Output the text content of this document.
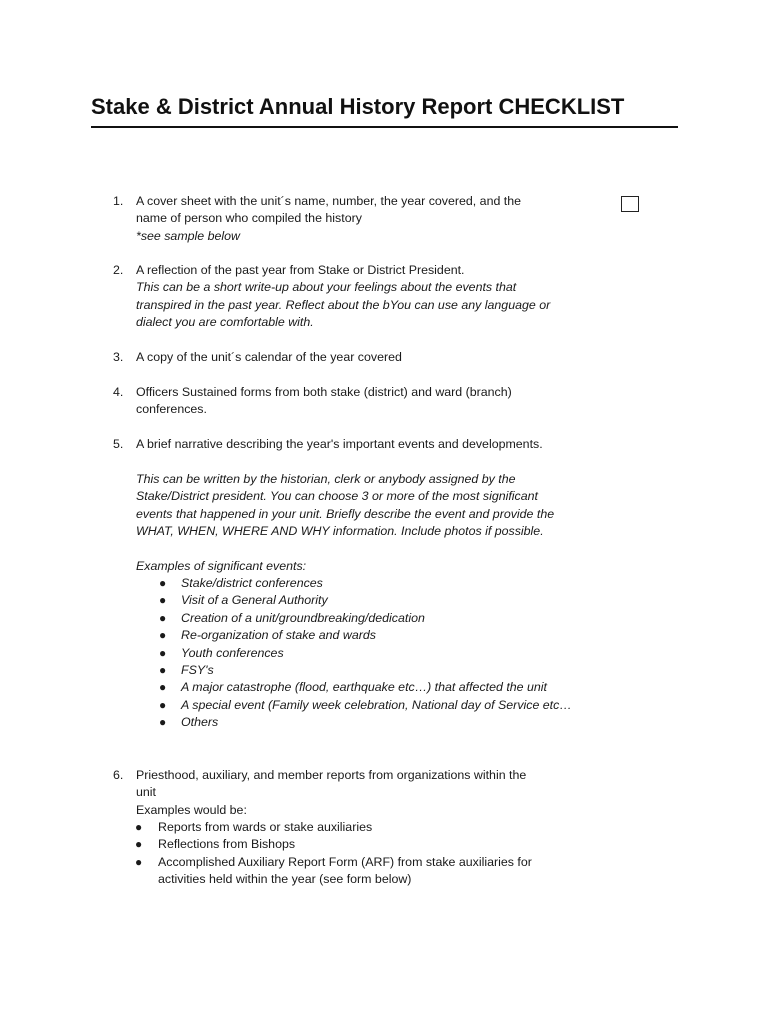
Stake & District Annual History Report CHECKLIST
1. A cover sheet with the unit´s name, number, the year covered, and the
name of person who compiled the history
*see sample below
2. A reflection of the past year from Stake or District President.
This can be a short write-up about your feelings about the events that
transpired in the past year. Reflect about the bYou can use any language or
dialect you are comfortable with.
3. A copy of the unit´s calendar of the year covered
4. Officers Sustained forms from both stake (district) and ward (branch)
conferences.
5. A brief narrative describing the year's important events and developments.
This can be written by the historian, clerk or anybody assigned by the
Stake/District president. You can choose 3 or more of the most significant
events that happened in your unit. Briefly describe the event and provide the
WHAT, WHEN, WHERE AND WHY information. Include photos if possible.
Examples of significant events:
● Stake/district conferences
● Visit of a General Authority
● Creation of a unit/groundbreaking/dedication
● Re-organization of stake and wards
● Youth conferences
● FSY's
● A major catastrophe (flood, earthquake etc…) that affected the unit
● A special event (Family week celebration, National day of Service etc…
● Others
6. Priesthood, auxiliary, and member reports from organizations within the
unit
Examples would be:
● Reports from wards or stake auxiliaries
● Reflections from Bishops
● Accomplished Auxiliary Report Form (ARF) from stake auxiliaries for
activities held within the year (see form below)
